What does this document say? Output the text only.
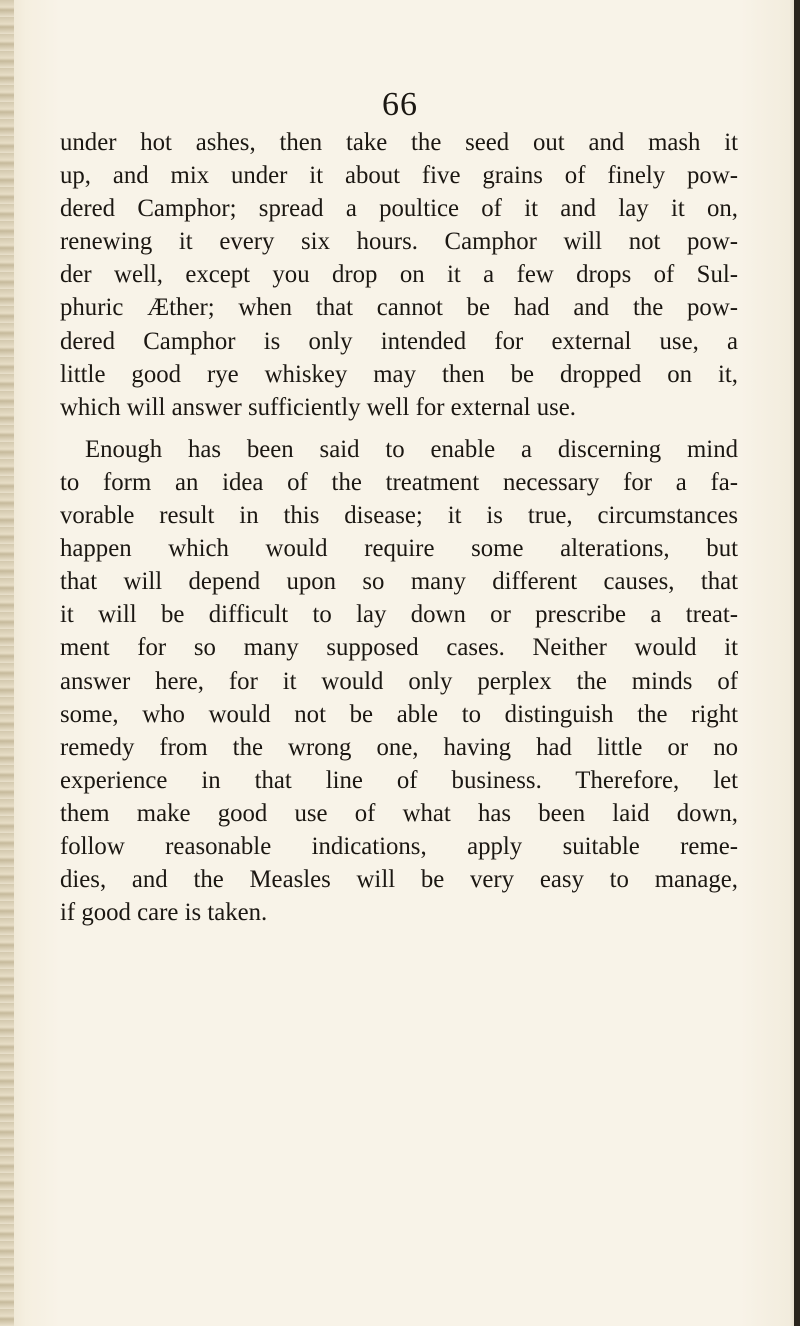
66
under hot ashes, then take the seed out and mash it
up, and mix under it about five grains of finely pow-
dered Camphor; spread a poultice of it and lay it on,
renewing it every six hours. Camphor will not pow-
der well, except you drop on it a few drops of Sul-
phuric Æther; when that cannot be had and the pow-
dered Camphor is only intended for external use, a
little good rye whiskey may then be dropped on it,
which will answer sufficiently well for external use.
Enough has been said to enable a discerning mind
to form an idea of the treatment necessary for a fa-
vorable result in this disease; it is true, circumstances
happen which would require some alterations, but
that will depend upon so many different causes, that
it will be difficult to lay down or prescribe a treat-
ment for so many supposed cases. Neither would it
answer here, for it would only perplex the minds of
some, who would not be able to distinguish the right
remedy from the wrong one, having had little or no
experience in that line of business. Therefore, let
them make good use of what has been laid down,
follow reasonable indications, apply suitable reme-
dies, and the Measles will be very easy to manage,
if good care is taken.
